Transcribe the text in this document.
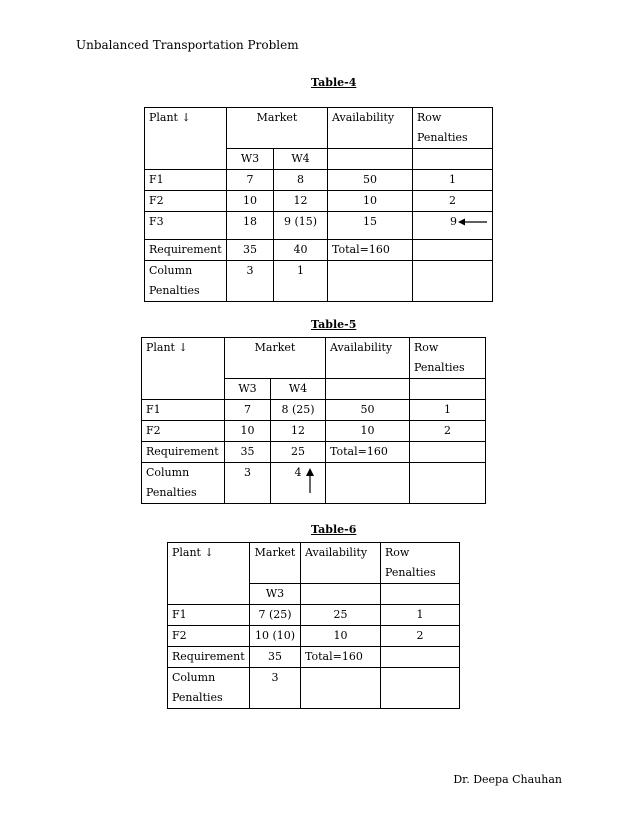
Unbalanced Transportation Problem
Table-4
Plant ↓	Market		Availability	Row
Penalties
	W3	W4		
F1	7	8	50	1
F2	10	12	10	2
F3	18	9 (15)	15	9
Requirement	35	40	Total=160	
Column
Penalties	3	1		
Table-5
Plant ↓	Market		Availability	Row
Penalties
	W3	W4		
F1	7	8 (25)	50	1
F2	10	12	10	2
Requirement	35	25	Total=160	
Column
Penalties	3	4		
Table-6
Plant ↓	Market	Availability	Row
Penalties
	W3		
F1	7 (25)	25	1
F2	10 (10)	10	2
Requirement	35	Total=160	
Column
Penalties	3		
Dr. Deepa Chauhan
